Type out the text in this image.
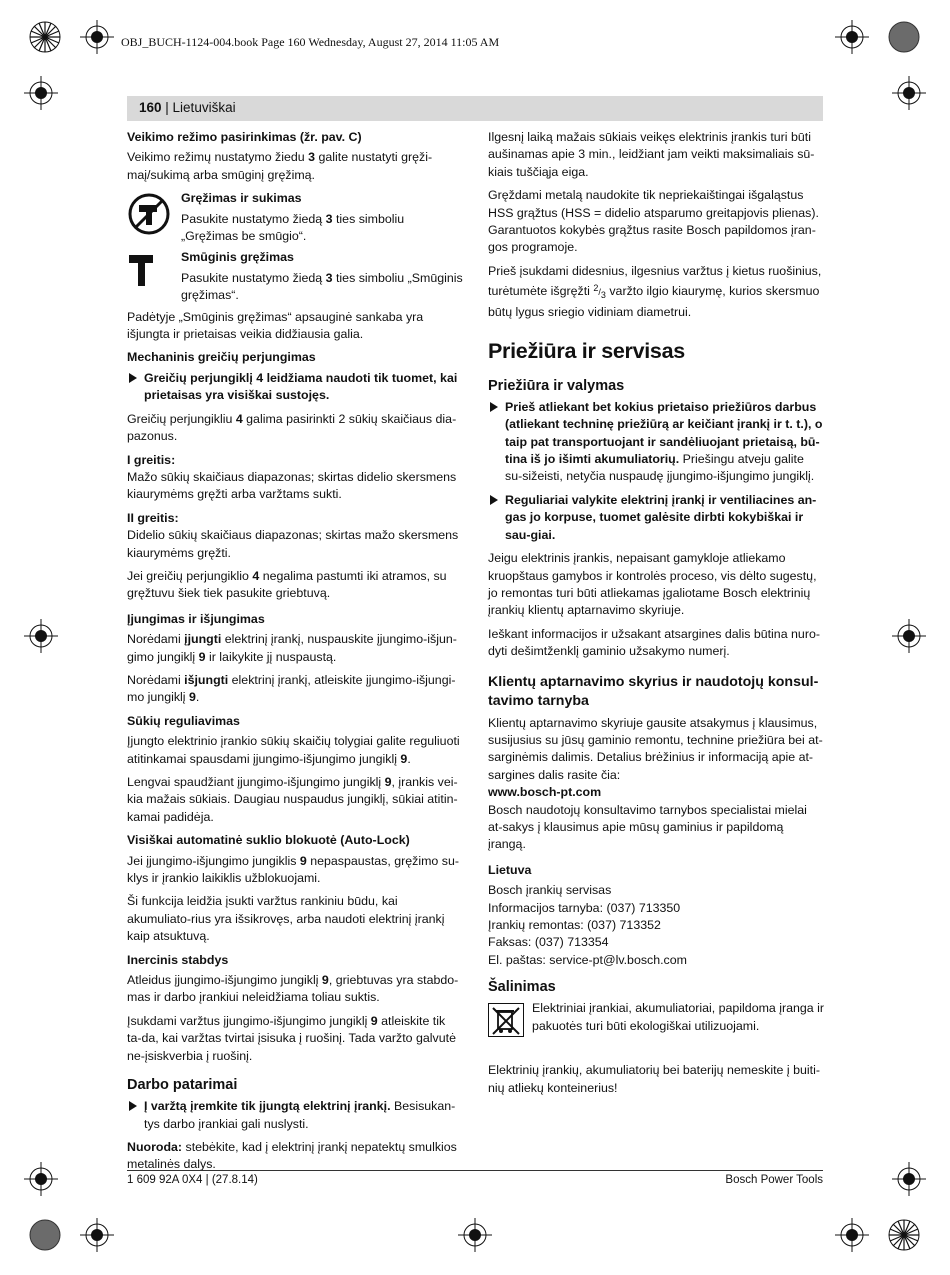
OBJ_BUCH-1124-004.book Page 160 Wednesday, August 27, 2014 11:05 AM
160 | Lietuviškai
Veikimo režimo pasirinkimas (žr. pav. C)

Veikimo režimų nustatymo žiedu 3 galite nustatyti gręži-maį/sukimą arba smūginį gręžimą.

Gręžimas ir sukimas

Pasukite nustatymo žiedą 3 ties simboliu „Gręžimas be smūgio“.

Smūginis gręžimas

Pasukite nustatymo žiedą 3 ties simboliu „Smūginis gręžimas“.

Padėtyje „Smūginis gręžimas“ apsauginė sankaba yra išjungta ir prietaisas veikia didžiausia galia.

Mechaninis greičių perjungimas
Greičių perjungiklį 4 leidžiama naudoti tik tuomet, kai prietaisas yra visiškai sustojęs.

Greičių perjungikliu 4 galima pasirinkti 2 sūkių skaičiaus dia-pazonus.

I greitis:

Mažo sūkių skaičiaus diapazonas; skirtas didelio skersmens kiaurymėms gręžti arba varžtams sukti.

II greitis:

Didelio sūkių skaičiaus diapazonas; skirtas mažo skersmens kiaurymėms gręžti.

Jei greičių perjungiklio 4 negalima pastumti iki atramos, su gręžtuvu šiek tiek pasukite griebtuvą.

Įjungimas ir išjungimas

Norėdami įjungti elektrinį įrankį, nuspauskite įjungimo-išjun-gimo jungiklį 9 ir laikykite jį nuspaustą.

Norėdami išjungti elektrinį įrankį, atleiskite įjungimo-išjungi-mo jungiklį 9.

Sūkių reguliavimas

Įjungto elektrinio įrankio sūkių skaičių tolygiai galite reguliuoti atitinkamai spausdami įjungimo-išjungimo jungiklį 9.

Lengvai spaudžiant įjungimo-išjungimo jungiklį 9, įrankis vei-kia mažais sūkiais. Daugiau nuspaudus jungiklį, sūkiai atitin-kamai padidėja.

Visiškai automatinė suklio blokuotė (Auto-Lock)

Jei įjungimo-išjungimo jungiklis 9 nepaspaustas, gręžimo su-klys ir įrankio laikiklis užblokuojami.

Ši funkcija leidžia įsukti varžtus rankiniu būdu, kai akumuliato-rius yra išsikrovęs, arba naudoti elektrinį įrankį kaip atsuktuvą.

Inercinis stabdys

Atleidus įjungimo-išjungimo jungiklį 9, griebtuvas yra stabdo-mas ir darbo įrankiui neleidžiama toliau suktis.

Įsukdami varžtus įjungimo-išjungimo jungiklį 9 atleiskite tik ta-da, kai varžtas tvirtai įsisuka į ruošinį. Tada varžto galvutė ne-įsiskverbia į ruošinį.

Darbo patarimai
Į varžtą įremkite tik įjungtą elektrinį įrankį. Besisukan-tys darbo įrankiai gali nuslysti.

Nuoroda: stebėkite, kad į elektrinį įrankį nepatektų smulkios metalinės dalys.

Ilgesnį laiką mažais sūkiais veikęs elektrinis įrankis turi būti aušinamas apie 3 min., leidžiant jam veikti maksimaliais sū-kiais tuščiąja eiga.

Gręždami metalą naudokite tik nepriekaištingai išgaląstus HSS grąžtus (HSS = didelio atsparumo greitapjovis plienas). Garantuotos kokybės grąžtus rasite Bosch papildomos įran-gos programoje.

Prieš įsukdami didesnius, ilgesnius varžtus į kietus ruošinius, turėtumėte išgręžti $^2/_3$ varžto ilgio kiaurymę, kurios skersmuo būtų lygus sriegio vidiniam diametrui.

Priežiūra ir servisas
Priežiūra ir valymas
Prieš atliekant bet kokius prietaiso priežiūros darbus (atliekant techninę priežiūrą ar keičiant įrankį ir t. t.), o taip pat transportuojant ir sandėliuojant prietaisą, bū-tina iš jo išimti akumuliatorių. Priešingu atveju galite su-sižeisti, netyčia nuspaudę įjungimo-išjungimo jungiklį.
Reguliariai valykite elektrinį įrankį ir ventiliacines an-gas jo korpuse, tuomet galėsite dirbti kokybiškai ir sau-giai.

Jeigu elektrinis įrankis, nepaisant gamykloje atliekamo kruopštaus gamybos ir kontrolės proceso, vis dėlto sugestų, jo remontas turi būti atliekamas įgaliotame Bosch elektrinių įrankių klientų aptarnavimo skyriuje.

Ieškant informacijos ir užsakant atsargines dalis būtina nuro-dyti dešimtženklį gaminio užsakymo numerį.

Klientų aptarnavimo skyrius ir naudotojų konsul-tavimo tarnyba

Klientų aptarnavimo skyriuje gausite atsakymus į klausimus, susijusius su jūsų gaminio remontu, technine priežiūra bei at-sarginėmis dalimis. Detalius brėžinius ir informaciją apie at-sargines dalis rasite čia:

www.bosch-pt.com

Bosch naudotojų konsultavimo tarnybos specialistai mielai at-sakys į klausimus apie mūsų gaminius ir papildomą įrangą.

Lietuva

Bosch įrankių servisas

Informacijos tarnyba: (037) 713350

Įrankių remontas: (037) 713352

Faksas: (037) 713354

El. paštas: service-pt@lv.bosch.com

Šalinimas

Elektriniai įrankiai, akumuliatoriai, papildoma įranga ir pakuotės turi būti ekologiškai utilizuojami.

Elektrinių įrankių, akumuliatorių bei baterijų nemeskite į buiti-nių atliekų konteinerius!

1 609 92A 0X4 | (27.8.14)	Bosch Power Tools
